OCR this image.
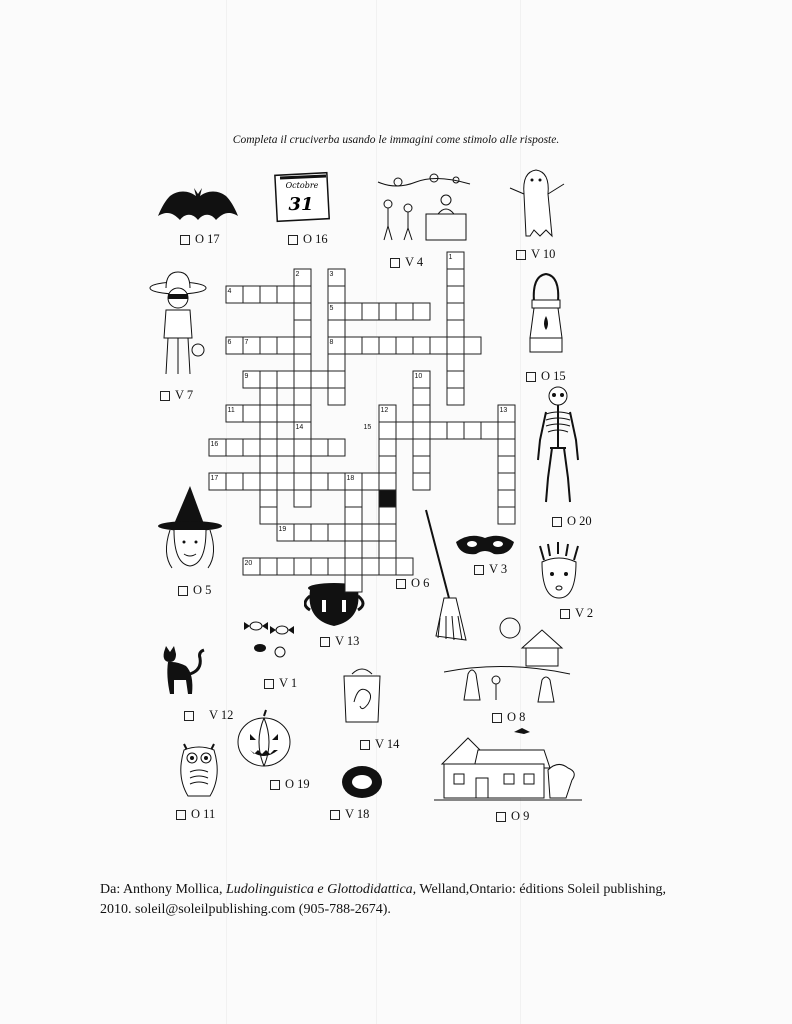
Completa il cruciverba usando le immagini come stimolo alle risposte.
Octobre
31
O 17	O 16
V 4
V 10
V 7
O 15
O 20
O 5	O 6
V 3
V 2
V 13
V 1
V 12
V 14
O 8
O 11
O 19
V 18	O 9
1
2	3
4
5
6 7	8
9	10
11	12	13
14	15
16
17	18
19
20
Da: Anthony Mollica, Ludolinguistica e Glottodidattica, Welland,Ontario: éditions Soleil publishing,
2010. soleil@soleilpublishing.com (905-788-2674).
